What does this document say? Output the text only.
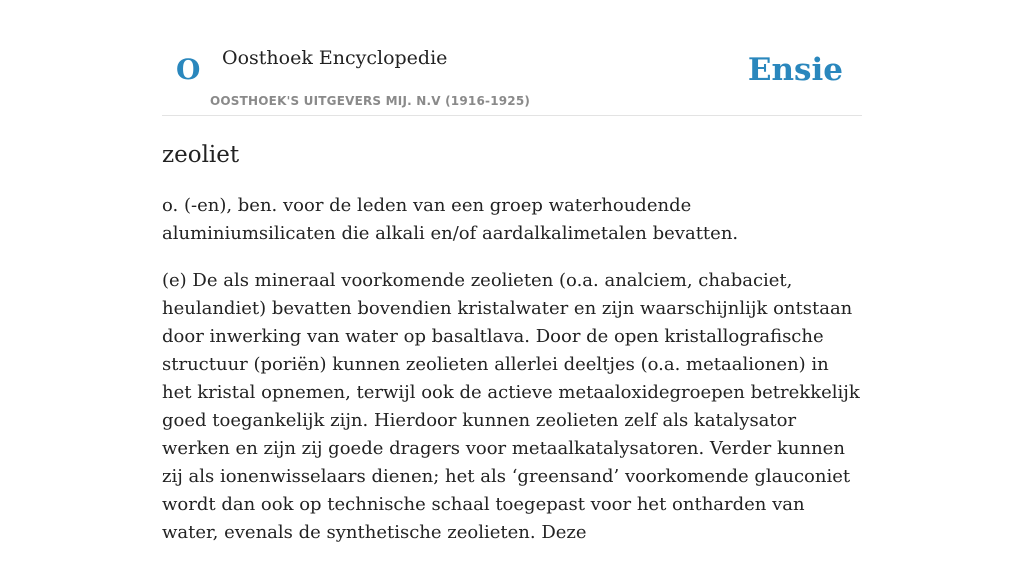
O Oosthoek Encyclopedie
OOSTHOEK'S UITGEVERS MIJ. N.V (1916-1925)
Ensie
zeoliet

o. (-en), ben. voor de leden van een groep waterhoudende aluminiumsilicaten die alkali en/of aardalkalimetalen bevatten.

(e) De als mineraal voorkomende zeolieten (o.a. analciem, chabaciet, heulandiet) bevatten bovendien kristalwater en zijn waarschijnlijk ontstaan door inwerking van water op basaltlava. Door de open kristallografische structuur (poriën) kunnen zeolieten allerlei deeltjes (o.a. metaalionen) in het kristal opnemen, terwijl ook de actieve metaaloxidegroepen betrekkelijk goed toegankelijk zijn. Hierdoor kunnen zeolieten zelf als katalysator werken en zijn zij goede dragers voor metaalkatalysatoren. Verder kunnen zij als ionenwisselaars dienen; het als ‘greensand’ voorkomende glauconiet wordt dan ook op technische schaal toegepast voor het ontharden van water, evenals de synthetische zeolieten. Deze
